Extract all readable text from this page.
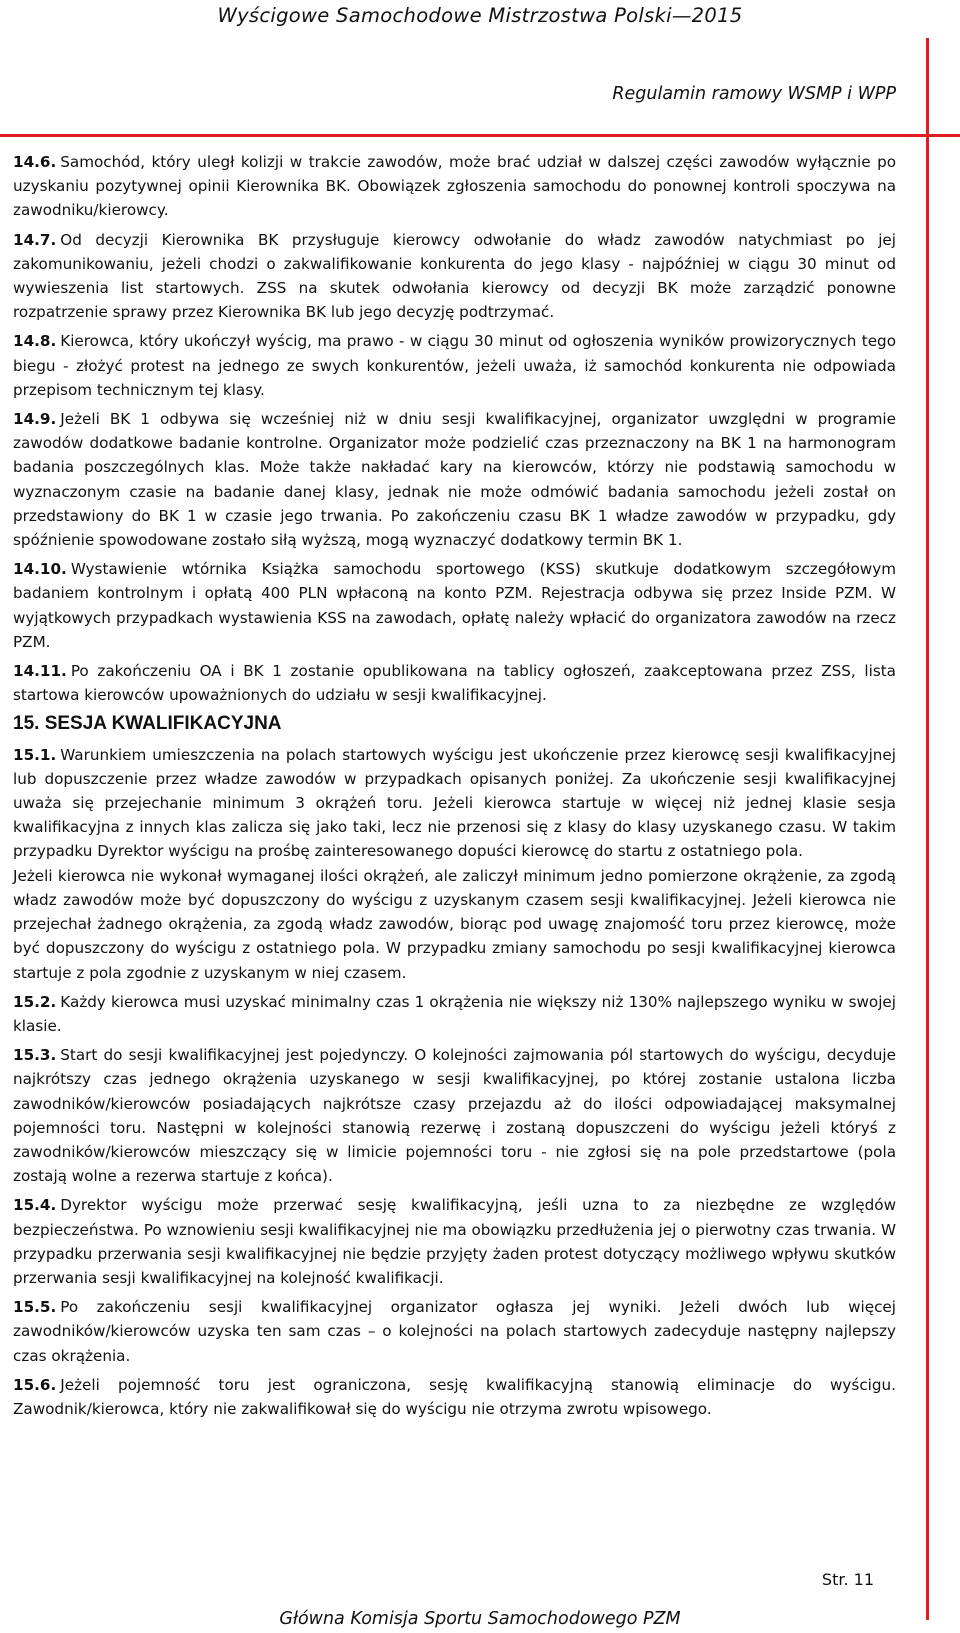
Wyścigowe Samochodowe Mistrzostwa Polski—2015
Regulamin ramowy WSMP i WPP

14.6. Samochód, który uległ kolizji w trakcie zawodów, może brać udział w dalszej części zawodów wyłącznie po uzyskaniu pozytywnej opinii Kierownika BK. Obowiązek zgłoszenia samochodu do ponownej kontroli spoczywa na zawodniku/kierowcy.

14.7. Od decyzji Kierownika BK przysługuje kierowcy odwołanie do władz zawodów natychmiast po jej zakomunikowaniu, jeżeli chodzi o zakwalifikowanie konkurenta do jego klasy - najpóźniej w ciągu 30 minut od wywieszenia list startowych. ZSS na skutek odwołania kierowcy od decyzji BK może zarządzić ponowne rozpatrzenie sprawy przez Kierownika BK lub jego decyzję podtrzymać.

14.8. Kierowca, który ukończył wyścig, ma prawo - w ciągu 30 minut od ogłoszenia wyników prowizorycznych tego biegu - złożyć protest na jednego ze swych konkurentów, jeżeli uważa, iż samochód konkurenta nie odpowiada przepisom technicznym tej klasy.

14.9. Jeżeli BK 1 odbywa się wcześniej niż w dniu sesji kwalifikacyjnej, organizator uwzględni w programie zawodów dodatkowe badanie kontrolne. Organizator może podzielić czas przeznaczony na BK 1 na harmonogram badania poszczególnych klas. Może także nakładać kary na kierowców, którzy nie podstawią samochodu w wyznaczonym czasie na badanie danej klasy, jednak nie może odmówić badania samochodu jeżeli został on przedstawiony do BK 1 w czasie jego trwania. Po zakończeniu czasu BK 1 władze zawodów w przypadku, gdy spóźnienie spowodowane zostało siłą wyższą, mogą wyznaczyć dodatkowy termin BK 1.

14.10. Wystawienie wtórnika Książka samochodu sportowego (KSS) skutkuje dodatkowym szczegółowym badaniem kontrolnym i opłatą 400 PLN wpłaconą na konto PZM. Rejestracja odbywa się przez Inside PZM. W wyjątkowych przypadkach wystawienia KSS na zawodach, opłatę należy wpłacić do organizatora zawodów na rzecz PZM.

14.11. Po zakończeniu OA i BK 1 zostanie opublikowana na tablicy ogłoszeń, zaakceptowana przez ZSS, lista startowa kierowców upoważnionych do udziału w sesji kwalifikacyjnej.

15. SESJA KWALIFIKACYJNA

15.1. Warunkiem umieszczenia na polach startowych wyścigu jest ukończenie przez kierowcę sesji kwalifikacyjnej lub dopuszczenie przez władze zawodów w przypadkach opisanych poniżej. Za ukończenie sesji kwalifikacyjnej uważa się przejechanie minimum 3 okrążeń toru. Jeżeli kierowca startuje w więcej niż jednej klasie sesja kwalifikacyjna z innych klas zalicza się jako taki, lecz nie przenosi się z klasy do klasy uzyskanego czasu. W takim przypadku Dyrektor wyścigu na prośbę zainteresowanego dopuści kierowcę do startu z ostatniego pola.

Jeżeli kierowca nie wykonał wymaganej ilości okrążeń, ale zaliczył minimum jedno pomierzone okrążenie, za zgodą władz zawodów może być dopuszczony do wyścigu z uzyskanym czasem sesji kwalifikacyjnej. Jeżeli kierowca nie przejechał żadnego okrążenia, za zgodą władz zawodów, biorąc pod uwagę znajomość toru przez kierowcę, może być dopuszczony do wyścigu z ostatniego pola. W przypadku zmiany samochodu po sesji kwalifikacyjnej kierowca startuje z pola zgodnie z uzyskanym w niej czasem.

15.2. Każdy kierowca musi uzyskać minimalny czas 1 okrążenia nie większy niż 130% najlepszego wyniku w swojej klasie.

15.3. Start do sesji kwalifikacyjnej jest pojedynczy. O kolejności zajmowania pól startowych do wyścigu, decyduje najkrótszy czas jednego okrążenia uzyskanego w sesji kwalifikacyjnej, po której zostanie ustalona liczba zawodników/kierowców posiadających najkrótsze czasy przejazdu aż do ilości odpowiadającej maksymalnej pojemności toru. Następni w kolejności stanowią rezerwę i zostaną dopuszczeni do wyścigu jeżeli któryś z zawodników/kierowców mieszczący się w limicie pojemności toru - nie zgłosi się na pole przedstartowe (pola zostają wolne a rezerwa startuje z końca).

15.4. Dyrektor wyścigu może przerwać sesję kwalifikacyjną, jeśli uzna to za niezbędne ze względów bezpieczeństwa. Po wznowieniu sesji kwalifikacyjnej nie ma obowiązku przedłużenia jej o pierwotny czas trwania. W przypadku przerwania sesji kwalifikacyjnej nie będzie przyjęty żaden protest dotyczący możliwego wpływu skutków przerwania sesji kwalifikacyjnej na kolejność kwalifikacji.

15.5. Po zakończeniu sesji kwalifikacyjnej organizator ogłasza jej wyniki. Jeżeli dwóch lub więcej zawodników/kierowców uzyska ten sam czas – o kolejności na polach startowych zadecyduje następny najlepszy czas okrążenia.

15.6. Jeżeli pojemność toru jest ograniczona, sesję kwalifikacyjną stanowią eliminacje do wyścigu. Zawodnik/kierowca, który nie zakwalifikował się do wyścigu nie otrzyma zwrotu wpisowego.

Str. 11
Główna Komisja Sportu Samochodowego PZM
